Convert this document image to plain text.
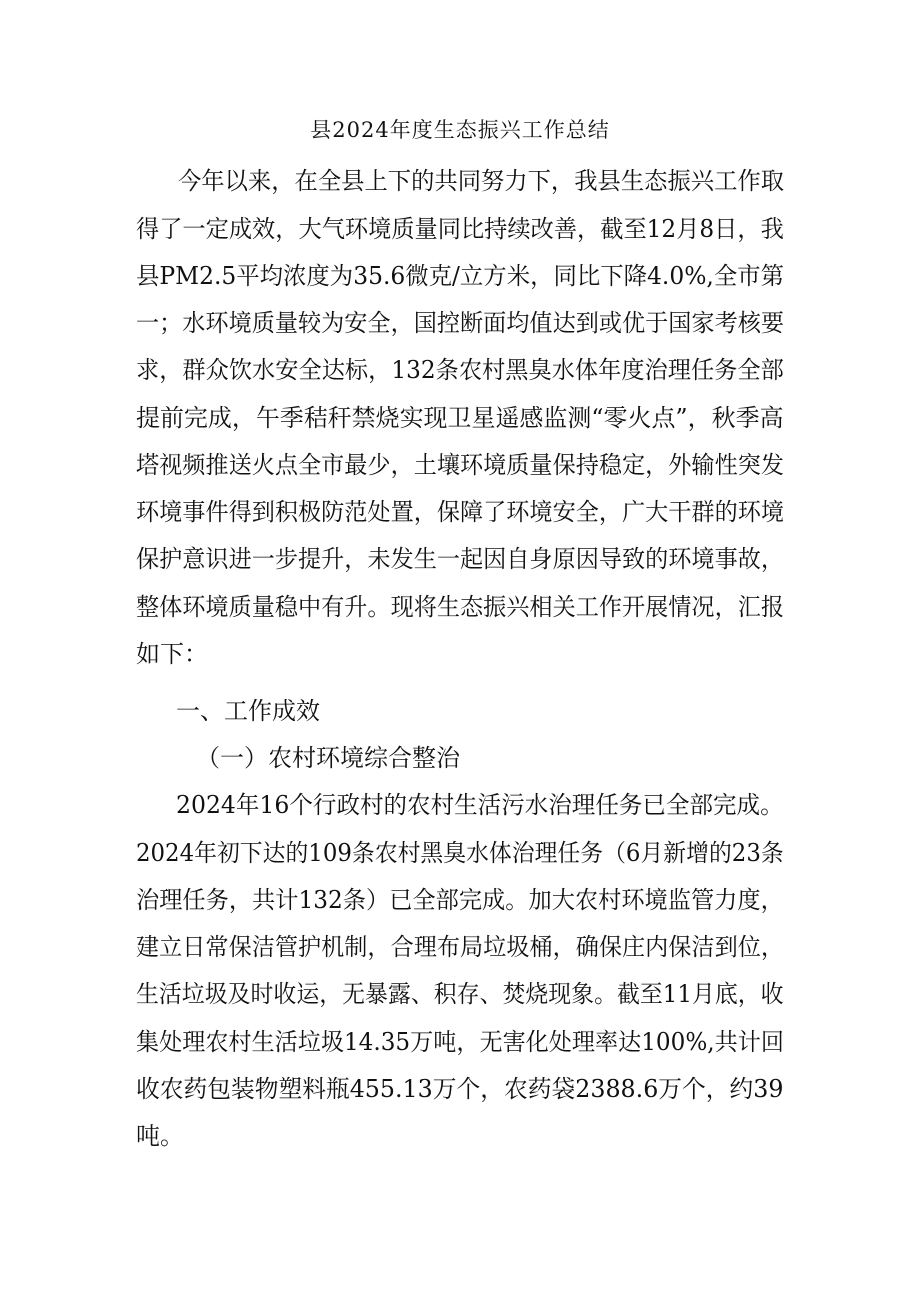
县2024年度生态振兴工作总结
今年以来，在全县上下的共同努力下，我县生态振兴工作取
得了一定成效，大气环境质量同比持续改善，截至12月8日，我
县PM2.5平均浓度为35.6微克/立方米，同比下降4.0%,全市第
一；水环境质量较为安全，国控断面均值达到或优于国家考核要
求，群众饮水安全达标，132条农村黑臭水体年度治理任务全部
提前完成，午季秸秆禁烧实现卫星遥感监测“零火点”，秋季高
塔视频推送火点全市最少，土壤环境质量保持稳定，外输性突发
环境事件得到积极防范处置，保障了环境安全，广大干群的环境
保护意识进一步提升，未发生一起因自身原因导致的环境事故，
整体环境质量稳中有升。现将生态振兴相关工作开展情况，汇报
如下：
一、工作成效
（一）农村环境综合整治
2024年16个行政村的农村生活污水治理任务已全部完成。
2024年初下达的109条农村黑臭水体治理任务（6月新增的23条
治理任务，共计132条）已全部完成。加大农村环境监管力度，
建立日常保洁管护机制，合理布局垃圾桶，确保庄内保洁到位，
生活垃圾及时收运，无暴露、积存、焚烧现象。截至11月底，收
集处理农村生活垃圾14.35万吨，无害化处理率达100%,共计回
收农药包装物塑料瓶455.13万个，农药袋2388.6万个，约39
吨。
